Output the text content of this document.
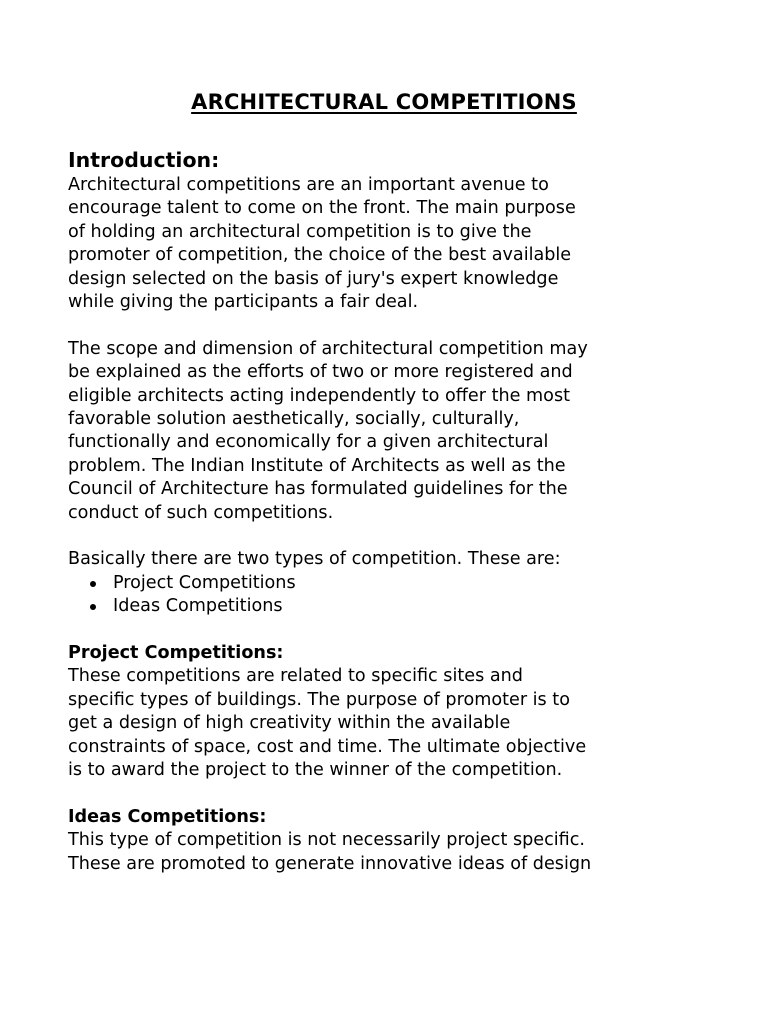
ARCHITECTURAL COMPETITIONS
Introduction:

Architectural competitions are an important avenue to
encourage talent to come on the front. The main purpose
of holding an architectural competition is to give the
promoter of competition, the choice of the best available
design selected on the basis of jury's expert knowledge
while giving the participants a fair deal.

The scope and dimension of architectural competition may
be explained as the efforts of two or more registered and
eligible architects acting independently to offer the most
favorable solution aesthetically, socially, culturally,
functionally and economically for a given architectural
problem. The Indian Institute of Architects as well as the
Council of Architecture has formulated guidelines for the
conduct of such competitions.

Basically there are two types of competition. These are:

Project Competitions
Ideas Competitions
Project Competitions:

These competitions are related to specific sites and
specific types of buildings. The purpose of promoter is to
get a design of high creativity within the available
constraints of space, cost and time. The ultimate objective
is to award the project to the winner of the competition.

Ideas Competitions:

This type of competition is not necessarily project specific.
These are promoted to generate innovative ideas of design
